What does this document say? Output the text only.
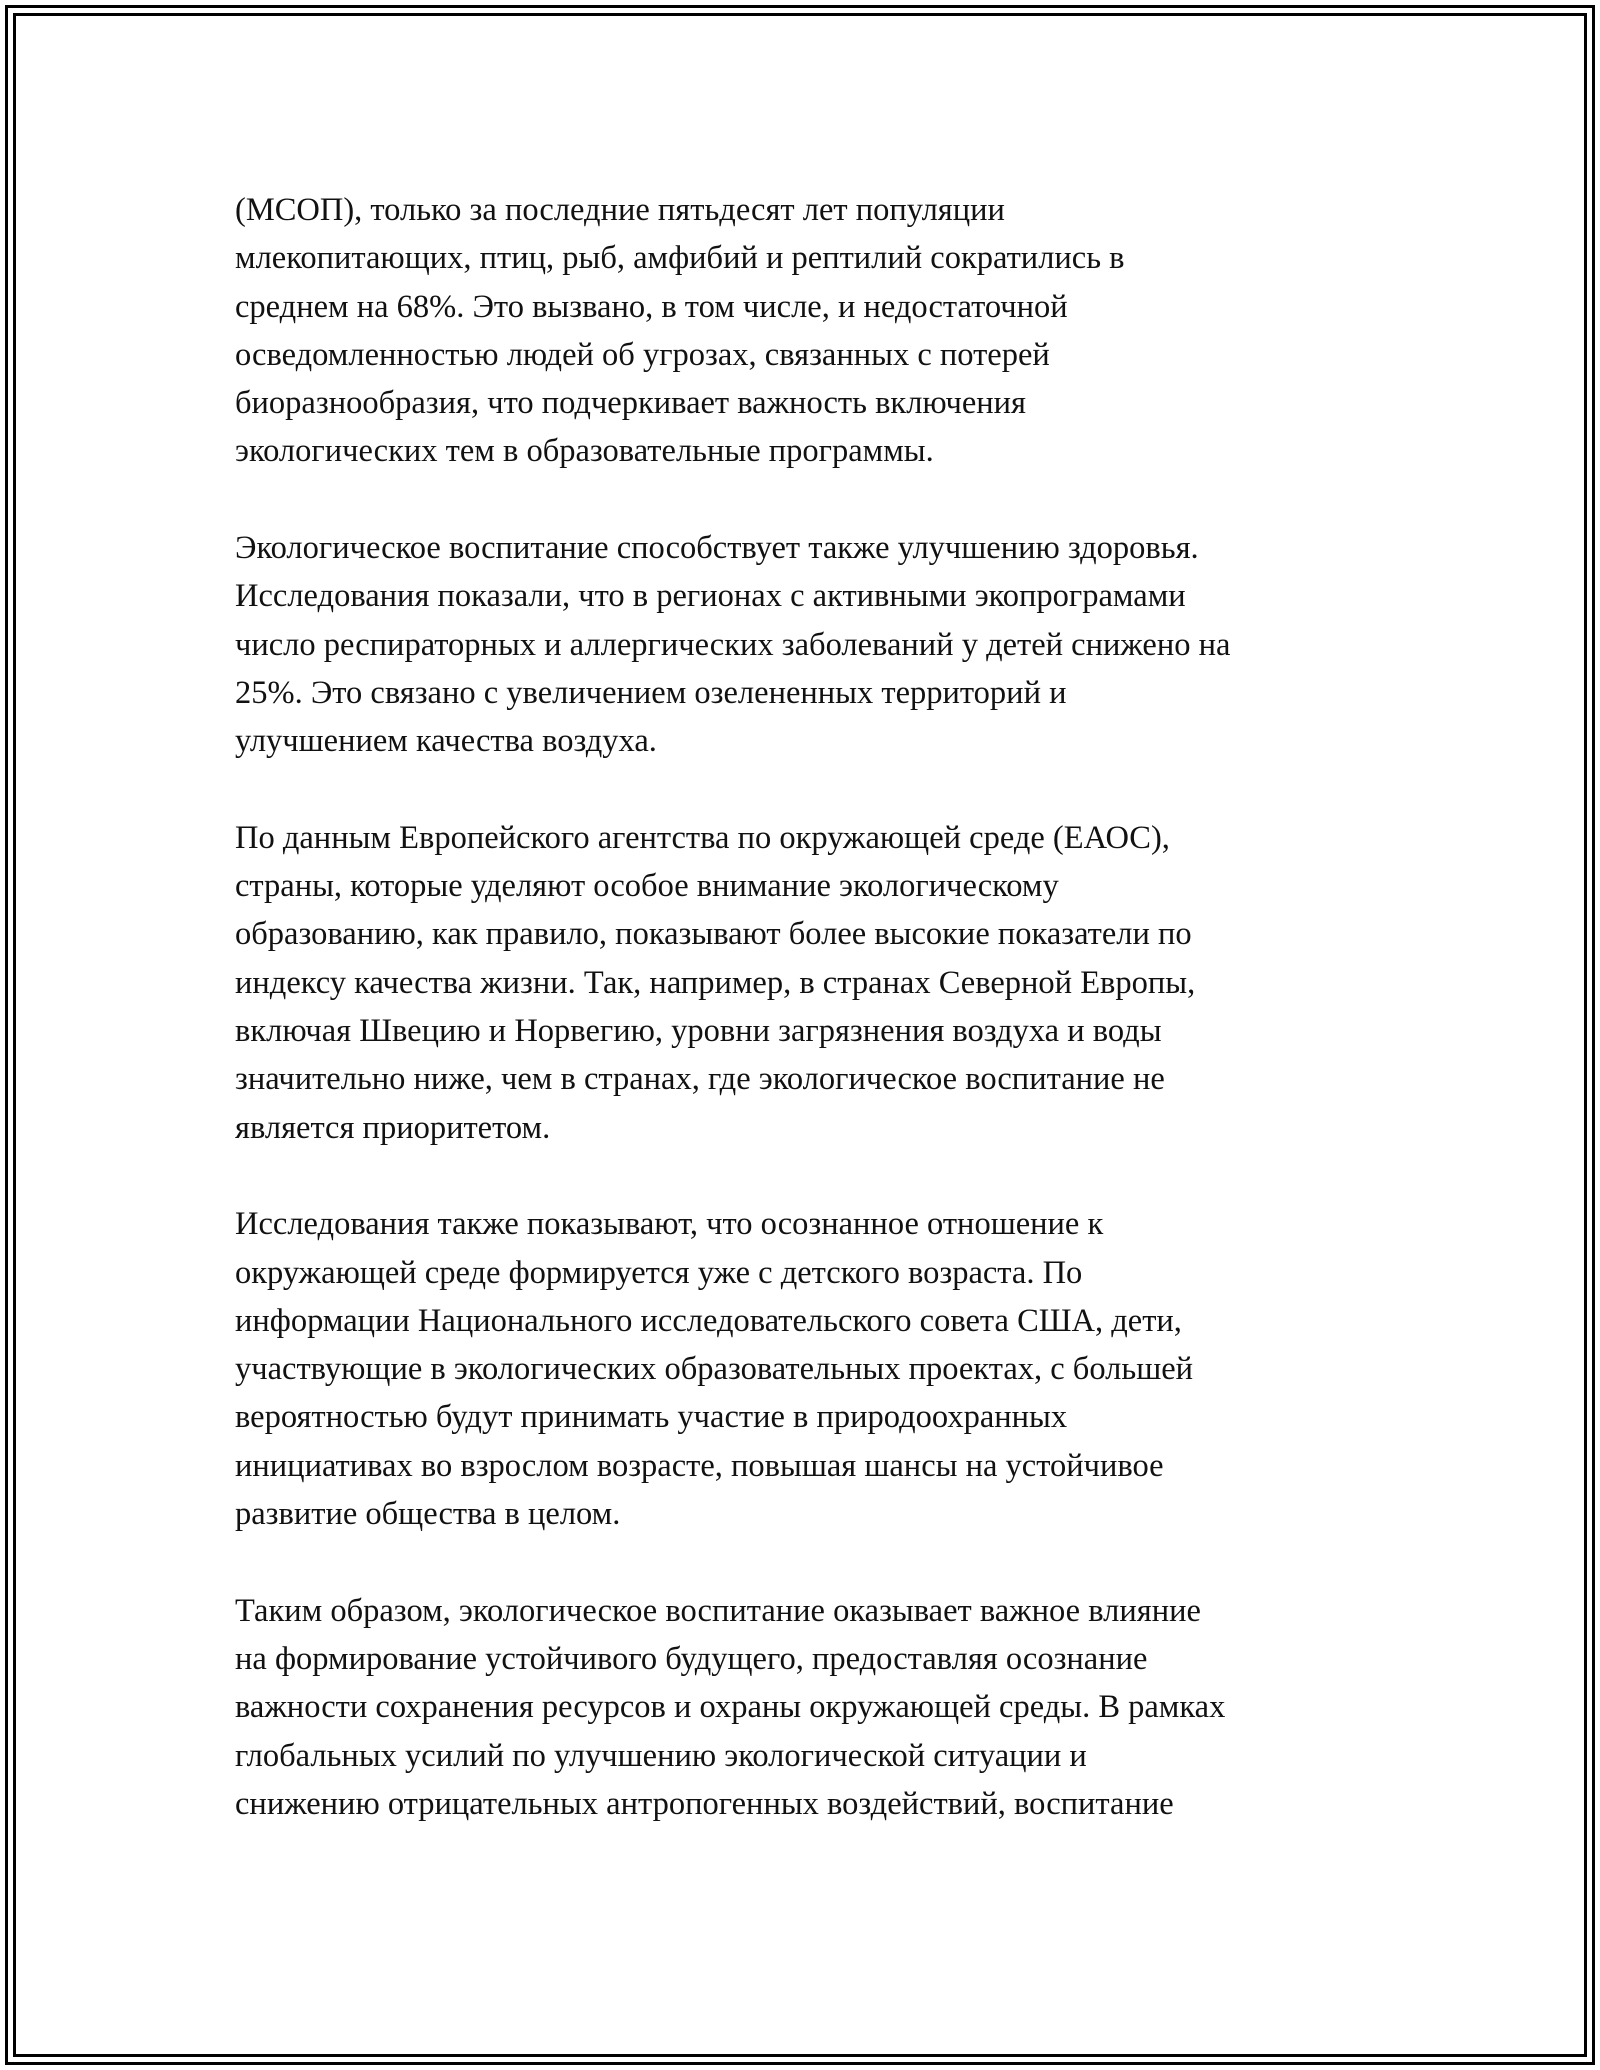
(МСОП), только за последние пятьдесят лет популяции
млекопитающих, птиц, рыб, амфибий и рептилий сократились в
среднем на 68%. Это вызвано, в том числе, и недостаточной
осведомленностью людей об угрозах, связанных с потерей
биоразнообразия, что подчеркивает важность включения
экологических тем в образовательные программы.
Экологическое воспитание способствует также улучшению здоровья.
Исследования показали, что в регионах с активными экопрограмами
число респираторных и аллергических заболеваний у детей снижено на
25%. Это связано с увеличением озелененных территорий и
улучшением качества воздуха.
По данным Европейского агентства по окружающей среде (ЕАОС),
страны, которые уделяют особое внимание экологическому
образованию, как правило, показывают более высокие показатели по
индексу качества жизни. Так, например, в странах Северной Европы,
включая Швецию и Норвегию, уровни загрязнения воздуха и воды
значительно ниже, чем в странах, где экологическое воспитание не
является приоритетом.
Исследования также показывают, что осознанное отношение к
окружающей среде формируется уже с детского возраста. По
информации Национального исследовательского совета США, дети,
участвующие в экологических образовательных проектах, с большей
вероятностью будут принимать участие в природоохранных
инициативах во взрослом возрасте, повышая шансы на устойчивое
развитие общества в целом.
Таким образом, экологическое воспитание оказывает важное влияние
на формирование устойчивого будущего, предоставляя осознание
важности сохранения ресурсов и охраны окружающей среды. В рамках
глобальных усилий по улучшению экологической ситуации и
снижению отрицательных антропогенных воздействий, воспитание
